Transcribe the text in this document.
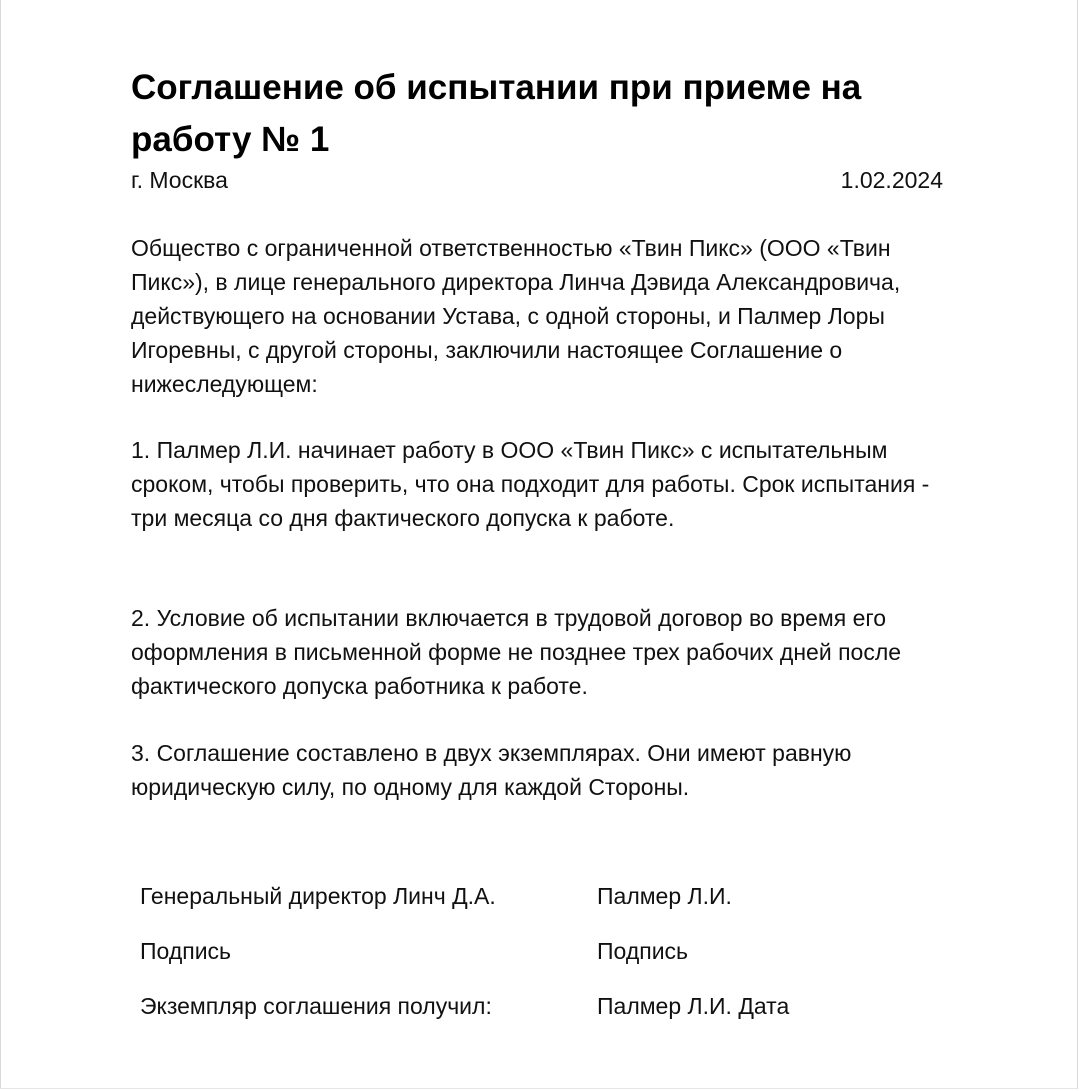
Соглашение об испытании при приеме на работу № 1
г. Москва	1.02.2024

Общество с ограниченной ответственностью «Твин Пикс» (ООО «Твин Пикс»), в лице генерального директора Линча Дэвида Александровича, действующего на основании Устава, с одной стороны, и Палмер Лоры Игоревны, с другой стороны, заключили настоящее Соглашение о нижеследующем:

1. Палмер Л.И. начинает работу в ООО «Твин Пикс» с испытательным сроком, чтобы проверить, что она подходит для работы. Срок испытания - три месяца со дня фактического допуска к работе.

2. Условие об испытании включается в трудовой договор во время его оформления в письменной форме не позднее трех рабочих дней после фактического допуска работника к работе.

3. Соглашение составлено в двух экземплярах. Они имеют равную юридическую силу, по одному для каждой Стороны.

Генеральный директор Линч Д.А.	Палмер Л.И.
Подпись	Подпись
Экземпляр соглашения получил:	Палмер Л.И. Дата
